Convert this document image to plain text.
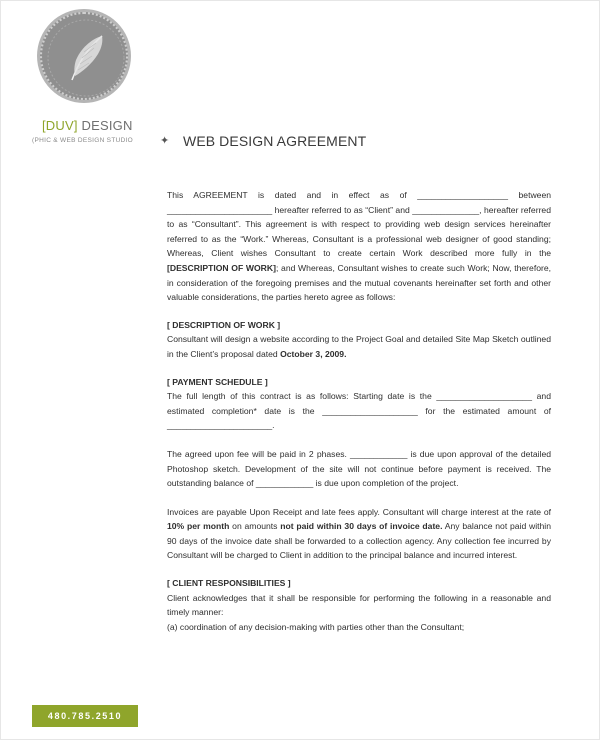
[DUV] DESIGN
(PHIC & WEB DESIGN STUDIO ✦ WEB DESIGN AGREEMENT

This AGREEMENT is dated and in effect as of ___________________ between ______________________ hereafter referred to as “Client” and ______________, hereafter referred to as “Consultant”. This agreement is with respect to providing web design services hereinafter referred to as the “Work.” Whereas, Consultant is a professional web designer of good standing; Whereas, Client wishes Consultant to create certain Work described more fully in the [DESCRIPTION OF WORK]; and Whereas, Consultant wishes to create such Work; Now, therefore, in consideration of the foregoing premises and the mutual covenants hereinafter set forth and other valuable considerations, the parties hereto agree as follows:

[ DESCRIPTION OF WORK ]

Consultant will design a website according to the Project Goal and detailed Site Map Sketch outlined in the Client’s proposal dated October 3, 2009.

[ PAYMENT SCHEDULE ]

The full length of this contract is as follows: Starting date is the ____________________ and estimated completion* date is the ____________________ for the estimated amount of ______________________.

The agreed upon fee will be paid in 2 phases. ____________ is due upon approval of the detailed Photoshop sketch. Development of the site will not continue before payment is received. The outstanding balance of ____________ is due upon completion of the project.

Invoices are payable Upon Receipt and late fees apply. Consultant will charge interest at the rate of 10% per month on amounts not paid within 30 days of invoice date. Any balance not paid within 90 days of the invoice date shall be forwarded to a collection agency. Any collection fee incurred by Consultant will be charged to Client in addition to the principal balance and incurred interest.

[ CLIENT RESPONSIBILITIES ]

Client acknowledges that it shall be responsible for performing the following in a reasonable and timely manner:

(a) coordination of any decision-making with parties other than the Consultant;

480.785.2510
